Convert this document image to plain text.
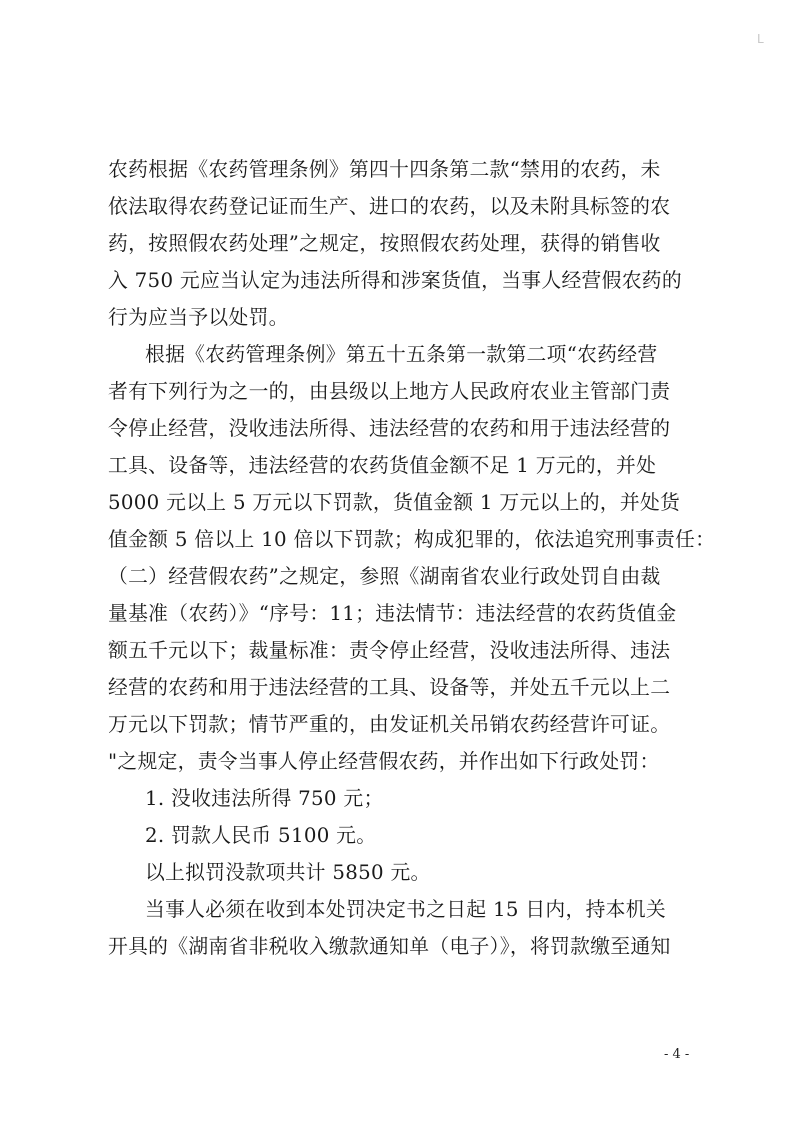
L
农药根据《农药管理条例》第四十四条第二款“禁用的农药，未
依法取得农药登记证而生产、进口的农药，以及未附具标签的农
药，按照假农药处理”之规定，按照假农药处理，获得的销售收
入 750 元应当认定为违法所得和涉案货值，当事人经营假农药的
行为应当予以处罚。
根据《农药管理条例》第五十五条第一款第二项“农药经营
者有下列行为之一的，由县级以上地方人民政府农业主管部门责
令停止经营，没收违法所得、违法经营的农药和用于违法经营的
工具、设备等，违法经营的农药货值金额不足 1 万元的，并处
5000 元以上 5 万元以下罚款，货值金额 1 万元以上的，并处货
值金额 5 倍以上 10 倍以下罚款；构成犯罪的，依法追究刑事责任：
（二）经营假农药”之规定，参照《湖南省农业行政处罚自由裁
量基准（农药）》“序号：11；违法情节：违法经营的农药货值金
额五千元以下；裁量标准：责令停止经营，没收违法所得、违法
经营的农药和用于违法经营的工具、设备等，并处五千元以上二
万元以下罚款；情节严重的，由发证机关吊销农药经营许可证。
"之规定，责令当事人停止经营假农药，并作出如下行政处罚：
1. 没收违法所得 750 元；
2. 罚款人民币 5100 元。
以上拟罚没款项共计 5850 元。
当事人必须在收到本处罚决定书之日起 15 日内，持本机关
开具的《湖南省非税收入缴款通知单（电子）》，将罚款缴至通知
- 4 -
